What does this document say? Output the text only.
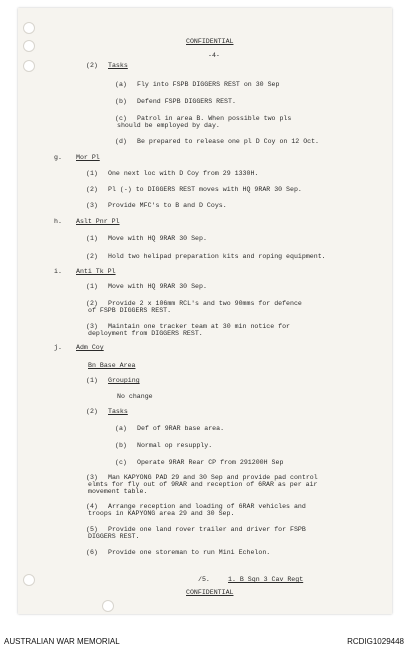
CONFIDENTIAL
-4-
(2) Tasks
(a) Fly into FSPB DIGGERS REST on 30 Sep
(b) Defend FSPB DIGGERS REST.
(c) Patrol in area B. When possible two pls
should be employed by day.
(d) Be prepared to release one pl D Coy on 12 Oct.
g. Mor Pl
(1) One next loc with D Coy from 29 1330H.
(2) Pl (-) to DIGGERS REST moves with HQ 9RAR 30 Sep.
(3) Provide MFC's to B and D Coys.
h. Aslt Pnr Pl
(1) Move with HQ 9RAR 30 Sep.
(2) Hold two helipad preparation kits and roping equipment.
i. Anti Tk Pl
(1) Move with HQ 9RAR 30 Sep.
(2) Provide 2 x 106mm RCL's and two 90mms for defence
of FSPB DIGGERS REST.
(3) Maintain one tracker team at 30 min notice for
deployment from DIGGERS REST.
j. Adm Coy
Bn Base Area
(1) Grouping
No change
(2) Tasks
(a) Def of 9RAR base area.
(b) Normal op resupply.
(c) Operate 9RAR Rear CP from 291200H Sep
(3) Man KAPYONG PAD 29 and 30 Sep and provide pad control
elmts for fly out of 9RAR and reception of 6RAR as per air
movement table.
(4) Arrange reception and loading of 6RAR vehicles and
troops in KAPYONG area 29 and 30 Sep.
(5) Provide one land rover trailer and driver for FSPB
DIGGERS REST.
(6) Provide one storeman to run Mini Echelon.
/5.	1. B Sqn 3 Cav Regt
CONFIDENTIAL
AUSTRALIAN WAR MEMORIAL	RCDIG1029448
